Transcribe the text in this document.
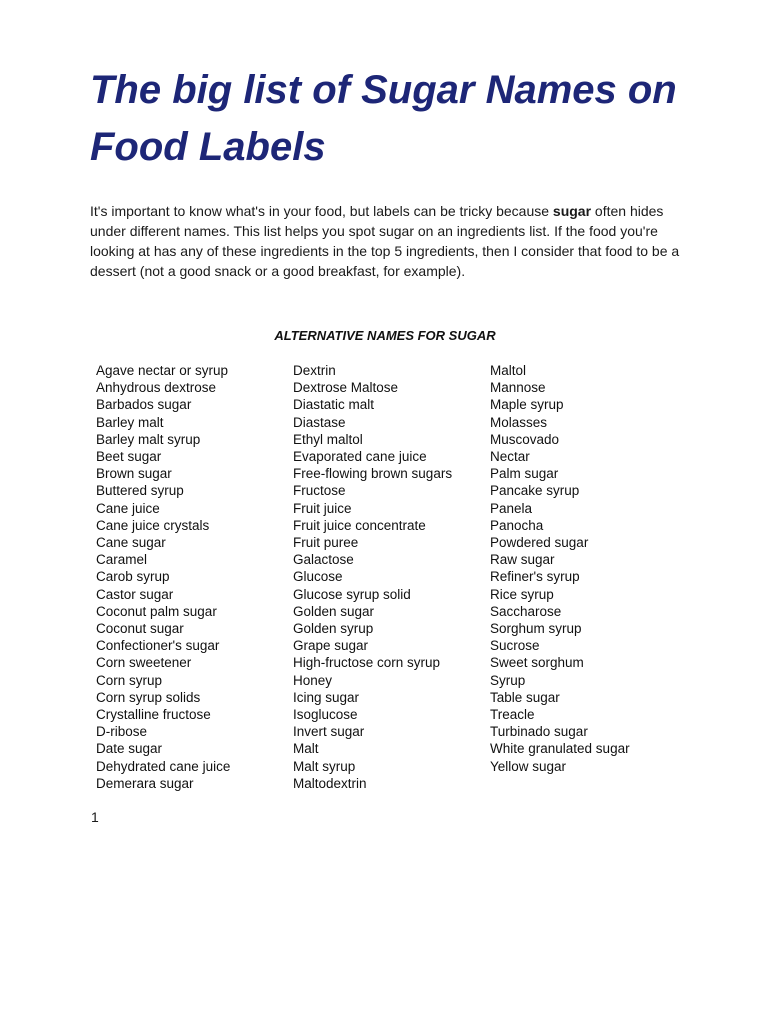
The big list of Sugar Names on Food Labels

It's important to know what's in your food, but labels can be tricky because sugar often hides under different names. This list helps you spot sugar on an ingredients list. If the food you're looking at has any of these ingredients in the top 5 ingredients, then I consider that food to be a dessert (not a good snack or a good breakfast, for example).

ALTERNATIVE NAMES FOR SUGAR
Agave nectar or syrup
Anhydrous dextrose
Barbados sugar
Barley malt
Barley malt syrup
Beet sugar
Brown sugar
Buttered syrup
Cane juice
Cane juice crystals
Cane sugar
Caramel
Carob syrup
Castor sugar
Coconut palm sugar
Coconut sugar
Confectioner's sugar
Corn sweetener
Corn syrup
Corn syrup solids
Crystalline fructose
D-ribose
Date sugar
Dehydrated cane juice
Demerara sugar
Dextrin
Dextrose Maltose
Diastatic malt
Diastase
Ethyl maltol
Evaporated cane juice
Free-flowing brown sugars
Fructose
Fruit juice
Fruit juice concentrate
Fruit puree
Galactose
Glucose
Glucose syrup solid
Golden sugar
Golden syrup
Grape sugar
High-fructose corn syrup
Honey
Icing sugar
Isoglucose
Invert sugar
Malt
Malt syrup
Maltodextrin
Maltol
Mannose
Maple syrup
Molasses
Muscovado
Nectar
Palm sugar
Pancake syrup
Panela
Panocha
Powdered sugar
Raw sugar
Refiner's syrup
Rice syrup
Saccharose
Sorghum syrup
Sucrose
Sweet sorghum
Syrup
Table sugar
Treacle
Turbinado sugar
White granulated sugar
Yellow sugar
1
